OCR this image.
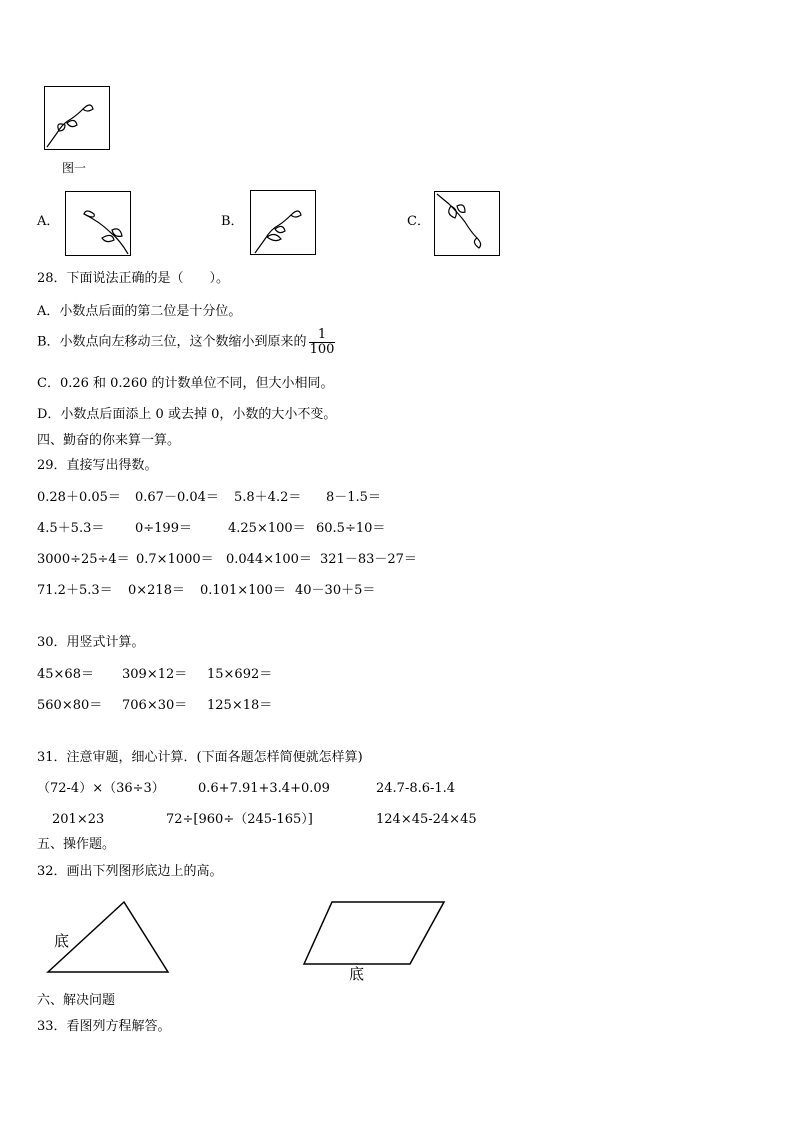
图一
A．	B．	C．
28．下面说法正确的是（　　）。
A．小数点后面的第二位是十分位。
B．小数点向左移动三位，这个数缩小到原来的 $\frac{1}{100}$
C．0.26 和 0.260 的计数单位不同，但大小相同。
D．小数点后面添上 0 或去掉 0，小数的大小不变。
四、勤奋的你来算一算。
29．直接写出得数。
0.28＋0.05＝ 0.67－0.04＝ 5.8＋4.2＝ 8－1.5＝
4.5＋5.3＝ 0÷199＝	4.25×100＝ 60.5÷10＝
3000÷25÷4＝ 0.7×1000＝ 0.044×100＝ 321－83－27＝
71.2＋5.3＝ 0×218＝ 0.101×100＝ 40－30＋5＝
30．用竖式计算。
45×68＝ 309×12＝ 15×692＝
560×80＝ 706×30＝ 125×18＝
31．注意审题，细心计算．(下面各题怎样简便就怎样算)
（72-4）×（36÷3）	0.6+7.91+3.4+0.09	24.7-8.6-1.4
201×23	72÷[960÷（245-165）]	124×45-24×45
五、操作题。
32．画出下列图形底边上的高。
底
底
六、解决问题
33．看图列方程解答。
